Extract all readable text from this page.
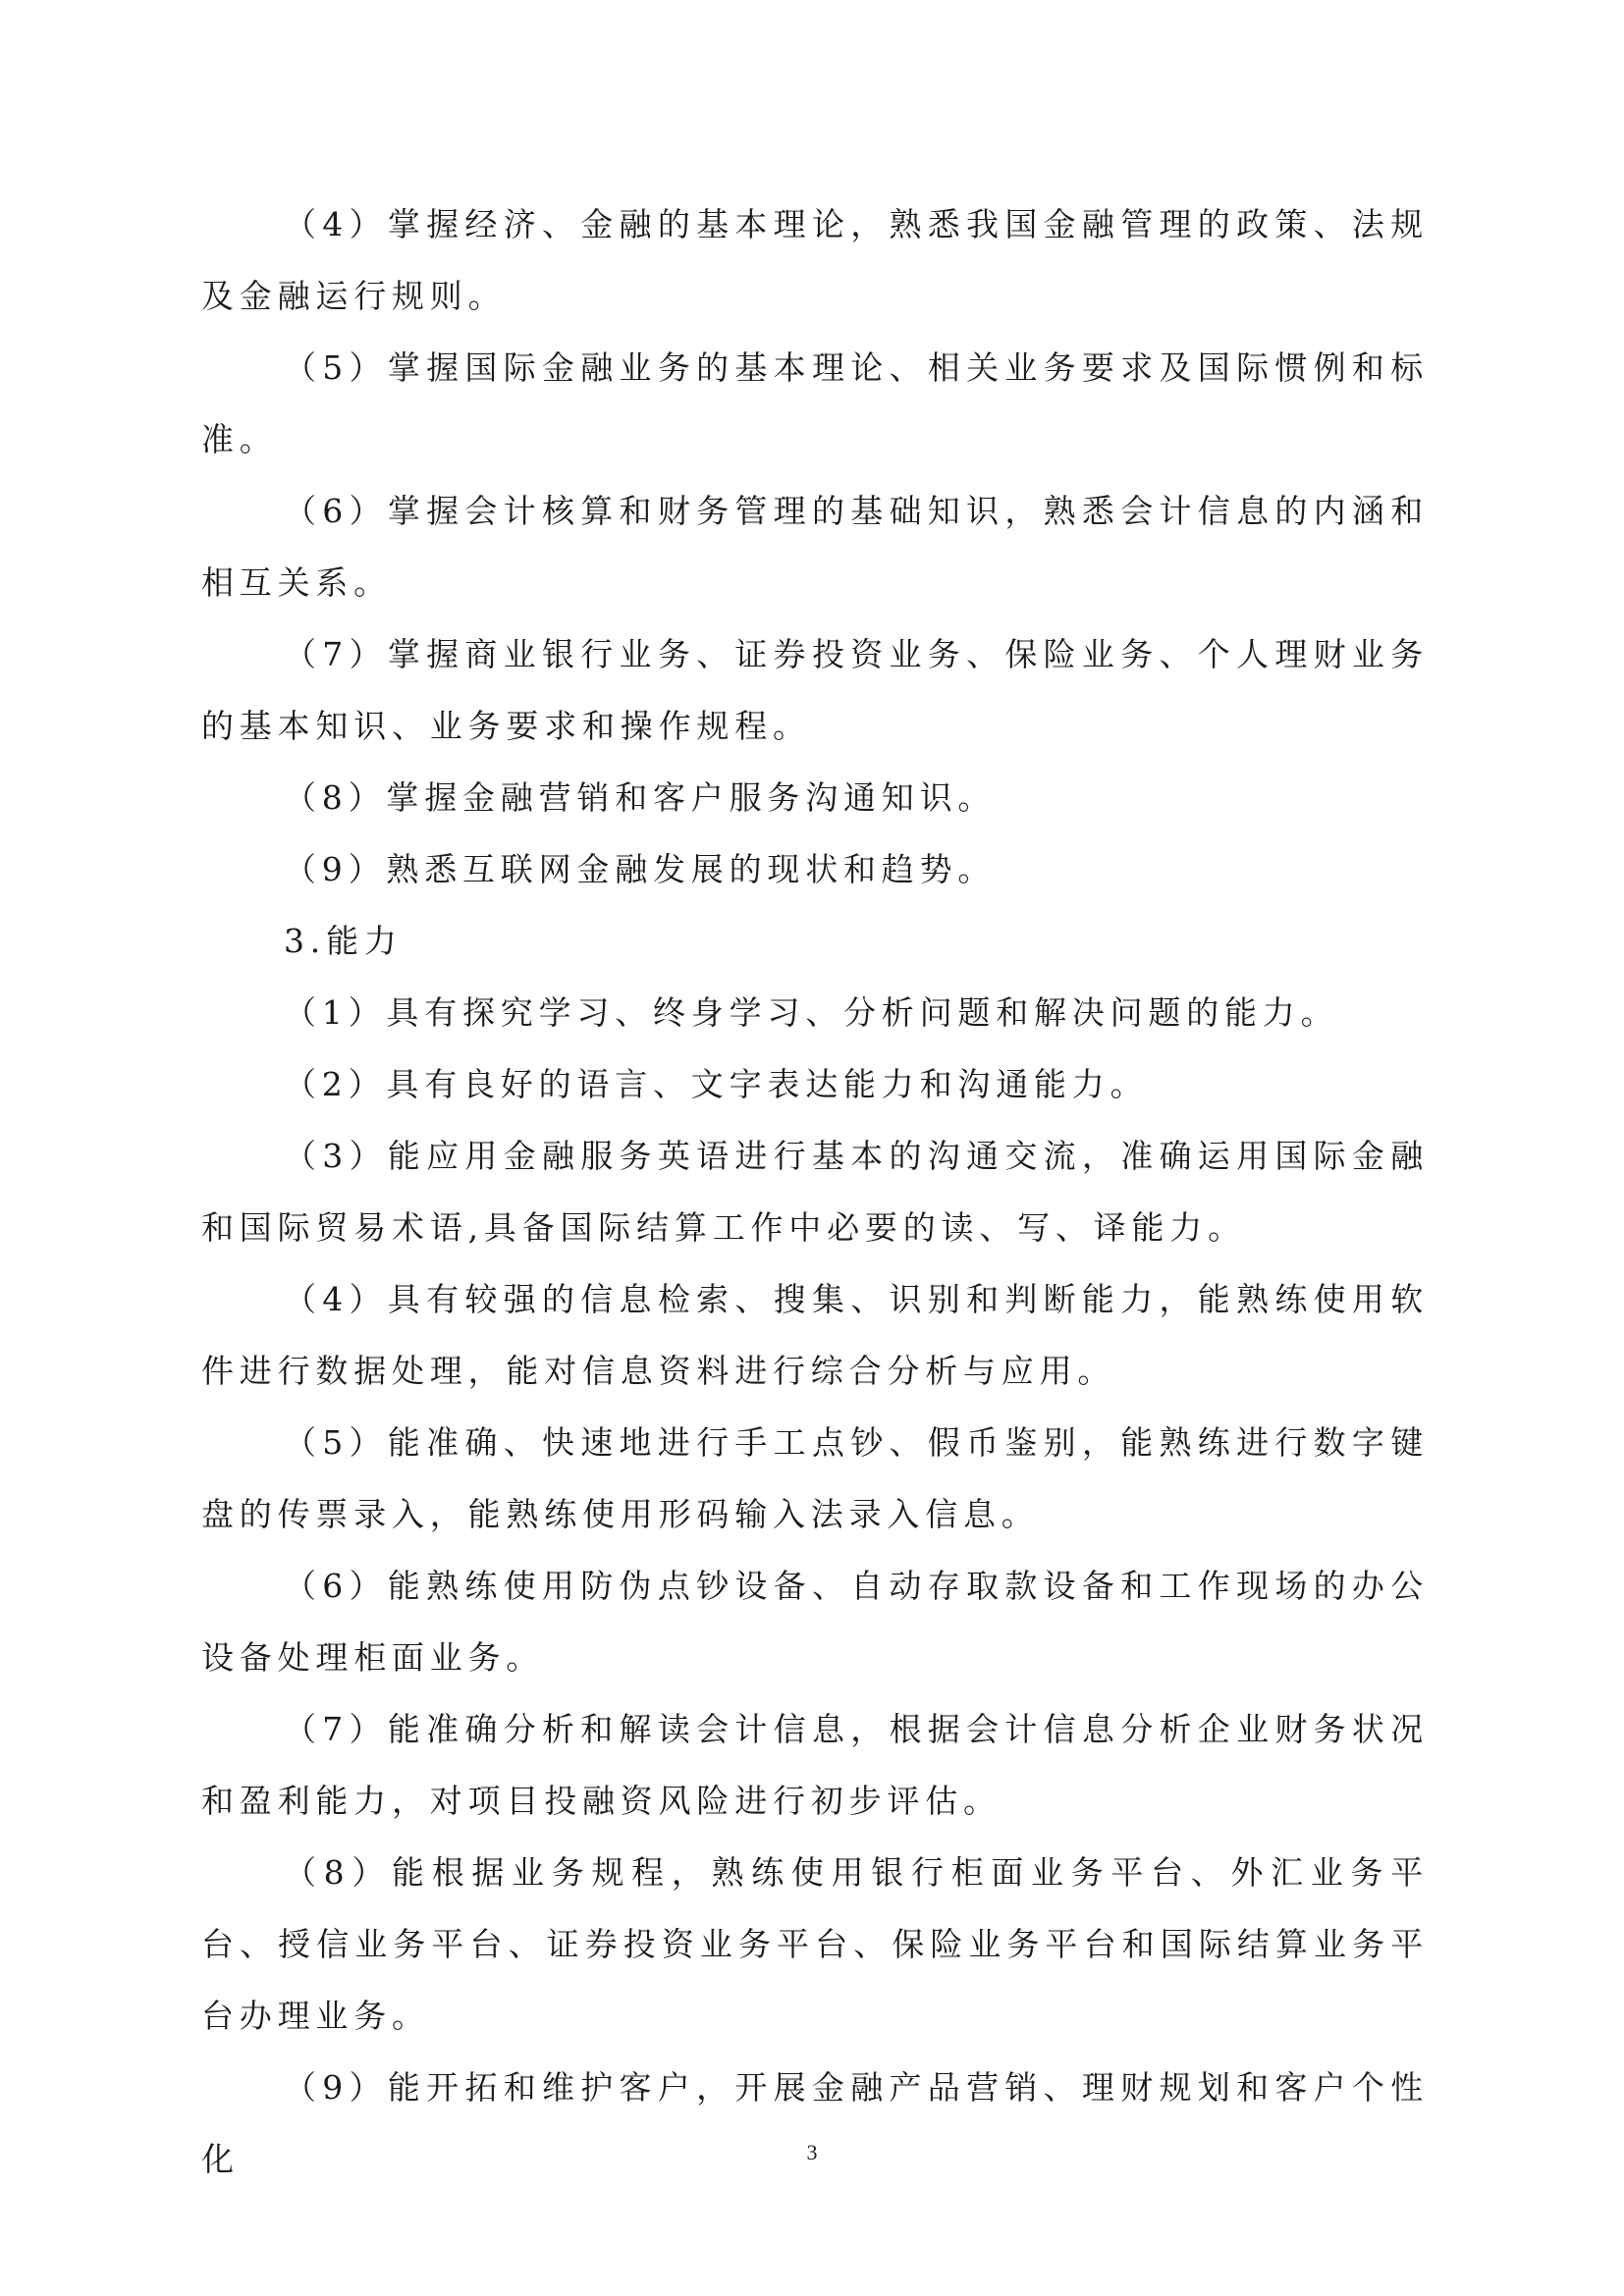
（4）掌握经济、金融的基本理论，熟悉我国金融管理的政策、法规及金融运行规则。

（5）掌握国际金融业务的基本理论、相关业务要求及国际惯例和标准。

（6）掌握会计核算和财务管理的基础知识，熟悉会计信息的内涵和相互关系。

（7）掌握商业银行业务、证券投资业务、保险业务、个人理财业务的基本知识、业务要求和操作规程。

（8）掌握金融营销和客户服务沟通知识。

（9）熟悉互联网金融发展的现状和趋势。

3.能力

（1）具有探究学习、终身学习、分析问题和解决问题的能力。

（2）具有良好的语言、文字表达能力和沟通能力。

（3）能应用金融服务英语进行基本的沟通交流，准确运用国际金融和国际贸易术语,具备国际结算工作中必要的读、写、译能力。

（4）具有较强的信息检索、搜集、识别和判断能力，能熟练使用软件进行数据处理，能对信息资料进行综合分析与应用。

（5）能准确、快速地进行手工点钞、假币鉴别，能熟练进行数字键盘的传票录入，能熟练使用形码输入法录入信息。

（6）能熟练使用防伪点钞设备、自动存取款设备和工作现场的办公设备处理柜面业务。

（7）能准确分析和解读会计信息，根据会计信息分析企业财务状况和盈利能力，对项目投融资风险进行初步评估。

（8）能根据业务规程，熟练使用银行柜面业务平台、外汇业务平台、授信业务平台、证券投资业务平台、保险业务平台和国际结算业务平台办理业务。

（9）能开拓和维护客户，开展金融产品营销、理财规划和客户个性化	3
